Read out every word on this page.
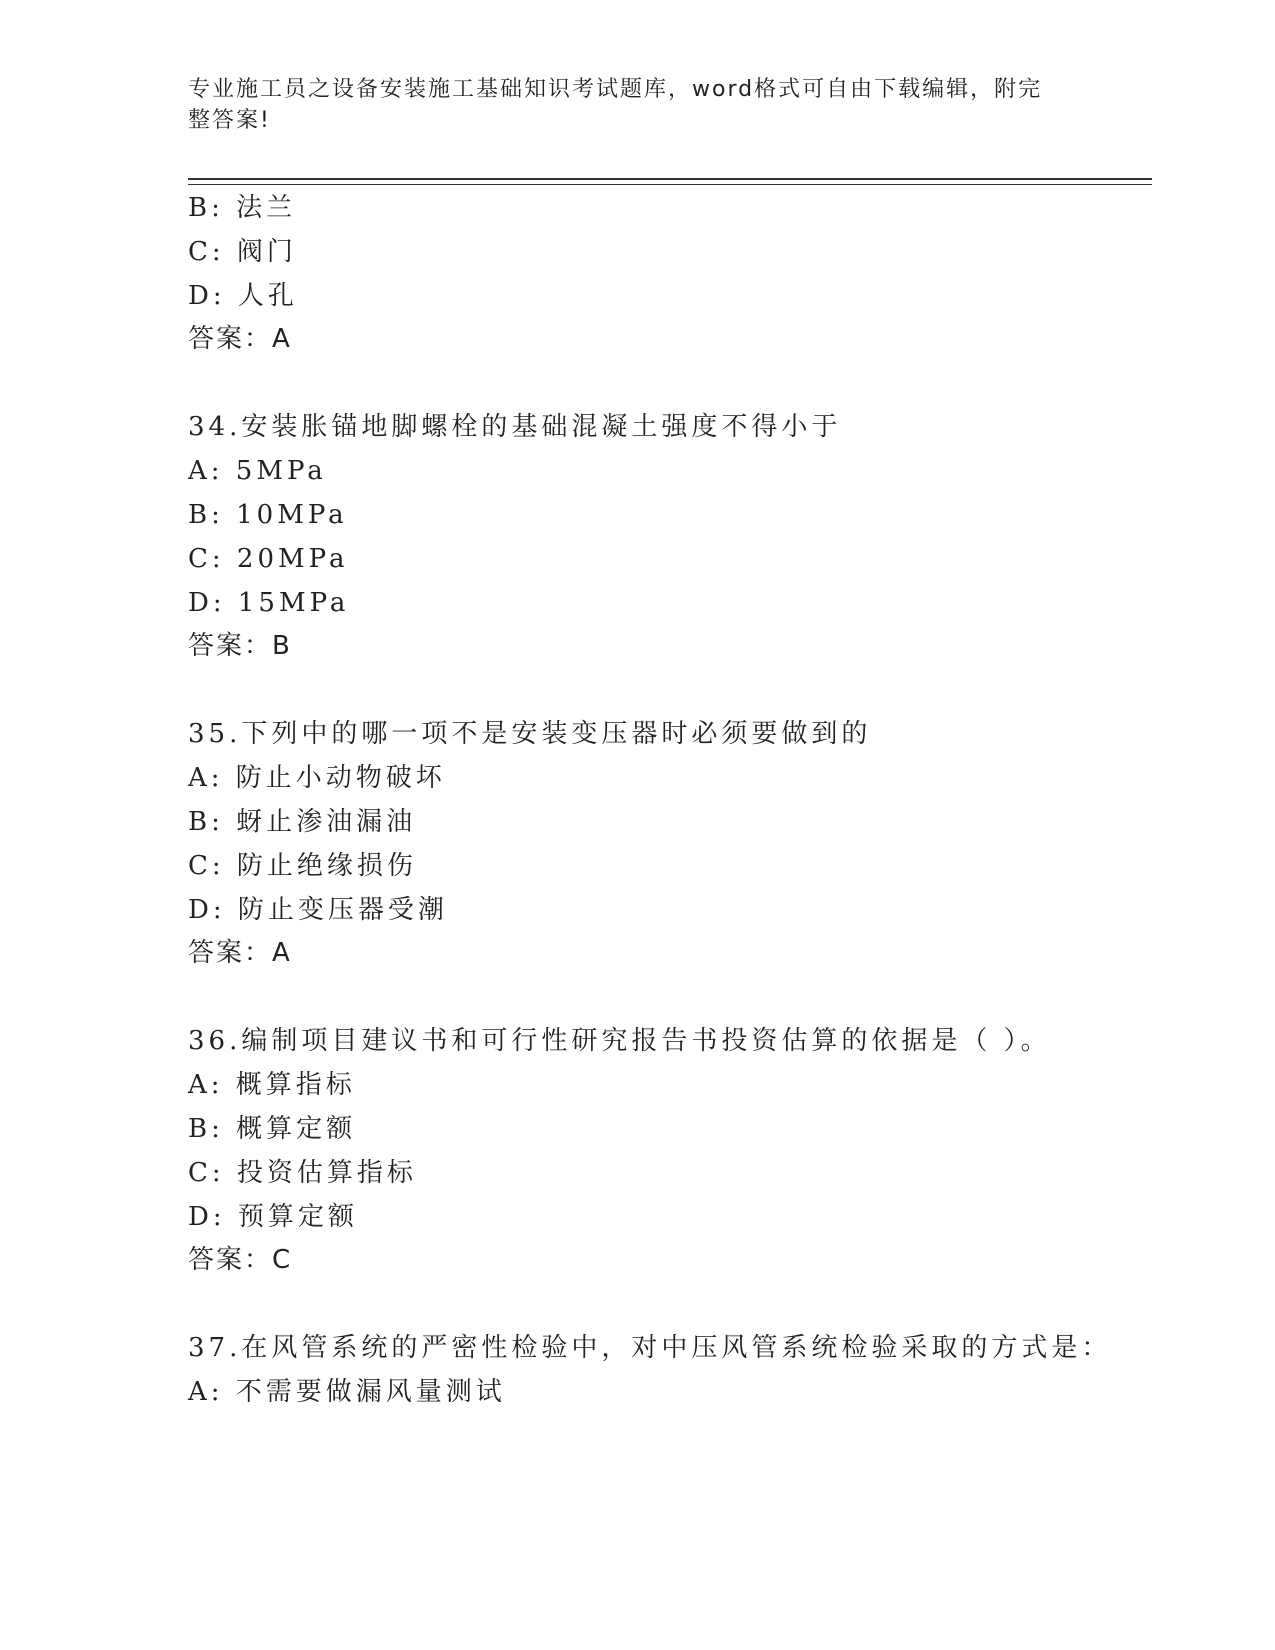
专业施工员之设备安装施工基础知识考试题库，word格式可自由下载编辑，附完
整答案!
B: 法兰
C: 阀门
D: 人孔
答案：A
34.安装胀锚地脚螺栓的基础混凝土强度不得小于
A: 5MPa
B: 10MPa
C: 20MPa
D: 15MPa
答案：B
35.下列中的哪一项不是安装变压器时必须要做到的
A: 防止小动物破坏
B: 蚜止渗油漏油
C: 防止绝缘损伤
D: 防止变压器受潮
答案：A
36.编制项目建议书和可行性研究报告书投资估算的依据是（ ）。
A: 概算指标
B: 概算定额
C: 投资估算指标
D: 预算定额
答案：C
37.在风管系统的严密性检验中，对中压风管系统检验采取的方式是：
A: 不需要做漏风量测试
